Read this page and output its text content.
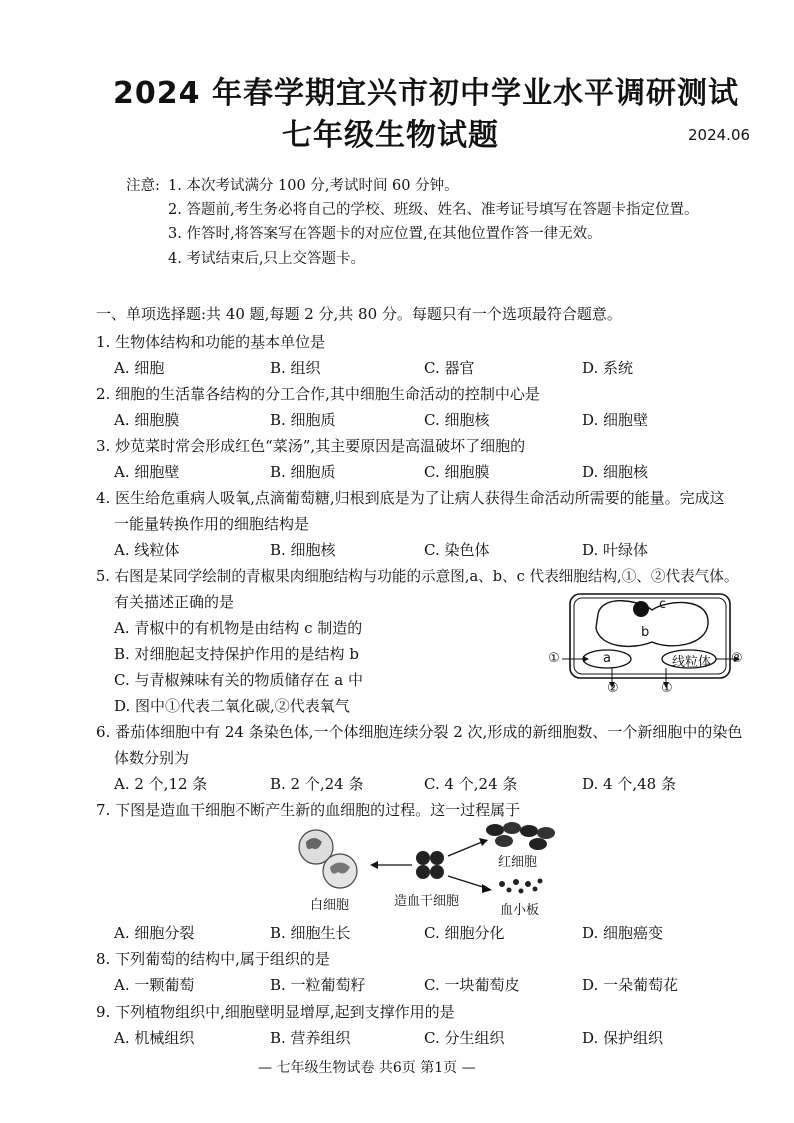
2024 年春学期宜兴市初中学业水平调研测试
七年级生物试题	2024.06
注意: 1. 本次考试满分 100 分,考试时间 60 分钟。
2. 答题前,考生务必将自己的学校、班级、姓名、准考证号填写在答题卡指定位置。
3. 作答时,将答案写在答题卡的对应位置,在其他位置作答一律无效。
4. 考试结束后,只上交答题卡。
一、单项选择题:共 40 题,每题 2 分,共 80 分。每题只有一个选项最符合题意。
1. 生物体结构和功能的基本单位是
A. 细胞	B. 组织	C. 器官	D. 系统
2. 细胞的生活靠各结构的分工合作,其中细胞生命活动的控制中心是
A. 细胞膜	B. 细胞质	C. 细胞核	D. 细胞壁
3. 炒苋菜时常会形成红色“菜汤”,其主要原因是高温破坏了细胞的
A. 细胞壁	B. 细胞质	C. 细胞膜	D. 细胞核
4. 医生给危重病人吸氧,点滴葡萄糖,归根到底是为了让病人获得生命活动所需要的能量。完成这
一能量转换作用的细胞结构是
A. 线粒体	B. 细胞核	C. 染色体	D. 叶绿体
5. 右图是某同学绘制的青椒果肉细胞结构与功能的示意图,a、b、c 代表细胞结构,①、②代表气体。
有关描述正确的是
A. 青椒中的有机物是由结构 c 制造的
B. 对细胞起支持保护作用的是结构 b
C. 与青椒辣味有关的物质储存在 a 中
D. 图中①代表二氧化碳,②代表氧气
c
b
a	线粒体
①	②
②	①
6. 番茄体细胞中有 24 条染色体,一个体细胞连续分裂 2 次,形成的新细胞数、一个新细胞中的染色
体数分别为
A. 2 个,12 条	B. 2 个,24 条	C. 4 个,24 条	D. 4 个,48 条
7. 下图是造血干细胞不断产生新的血细胞的过程。这一过程属于
白细胞	造血干细胞
红细胞
血小板
A. 细胞分裂	B. 细胞生长	C. 细胞分化	D. 细胞癌变
8. 下列葡萄的结构中,属于组织的是
A. 一颗葡萄	B. 一粒葡萄籽	C. 一块葡萄皮	D. 一朵葡萄花
9. 下列植物组织中,细胞壁明显增厚,起到支撑作用的是
A. 机械组织	B. 营养组织	C. 分生组织	D. 保护组织
— 七年级生物试卷 共6页 第1页 —
